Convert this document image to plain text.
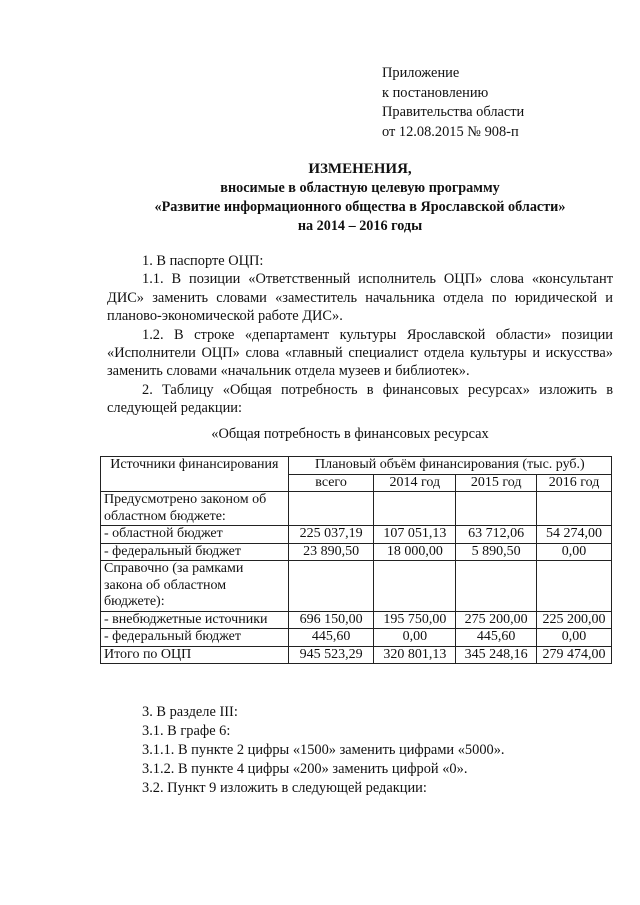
Приложение
к постановлению
Правительства области
от 12.08.2015 № 908-п
ИЗМЕНЕНИЯ,
вносимые в областную целевую программу
«Развитие информационного общества в Ярославской области»
на 2014 – 2016 годы

1. В паспорте ОЦП:

1.1. В позиции «Ответственный исполнитель ОЦП» слова «консультант ДИС» заменить словами «заместитель начальника отдела по юридической и планово-экономической работе ДИС».

1.2. В строке «департамент культуры Ярославской области» позиции «Исполнители ОЦП» слова «главный специалист отдела культуры и искусства» заменить словами «начальник отдела музеев и библиотек».

2. Таблицу «Общая потребность в финансовых ресурсах» изложить в следующей редакции:

«Общая потребность в финансовых ресурсах
Источники финансирования	Плановый объём финансирования (тыс. руб.)			
	всего	2014 год	2015 год	2016 год
Предусмотрено законом об областном бюджете:				
- областной бюджет	225 037,19	107 051,13	63 712,06	54 274,00
- федеральный бюджет	23 890,50	18 000,00	5 890,50	0,00
Справочно (за рамками закона об областном бюджете):				
- внебюджетные источники	696 150,00	195 750,00	275 200,00	225 200,00
- федеральный бюджет	445,60	0,00	445,60	0,00
Итого по ОЦП	945 523,29	320 801,13	345 248,16	279 474,00
3. В разделе III:
3.1. В графе 6:
3.1.1. В пункте 2 цифры «1500» заменить цифрами «5000».
3.1.2. В пункте 4 цифры «200» заменить цифрой «0».
3.2. Пункт 9 изложить в следующей редакции:
